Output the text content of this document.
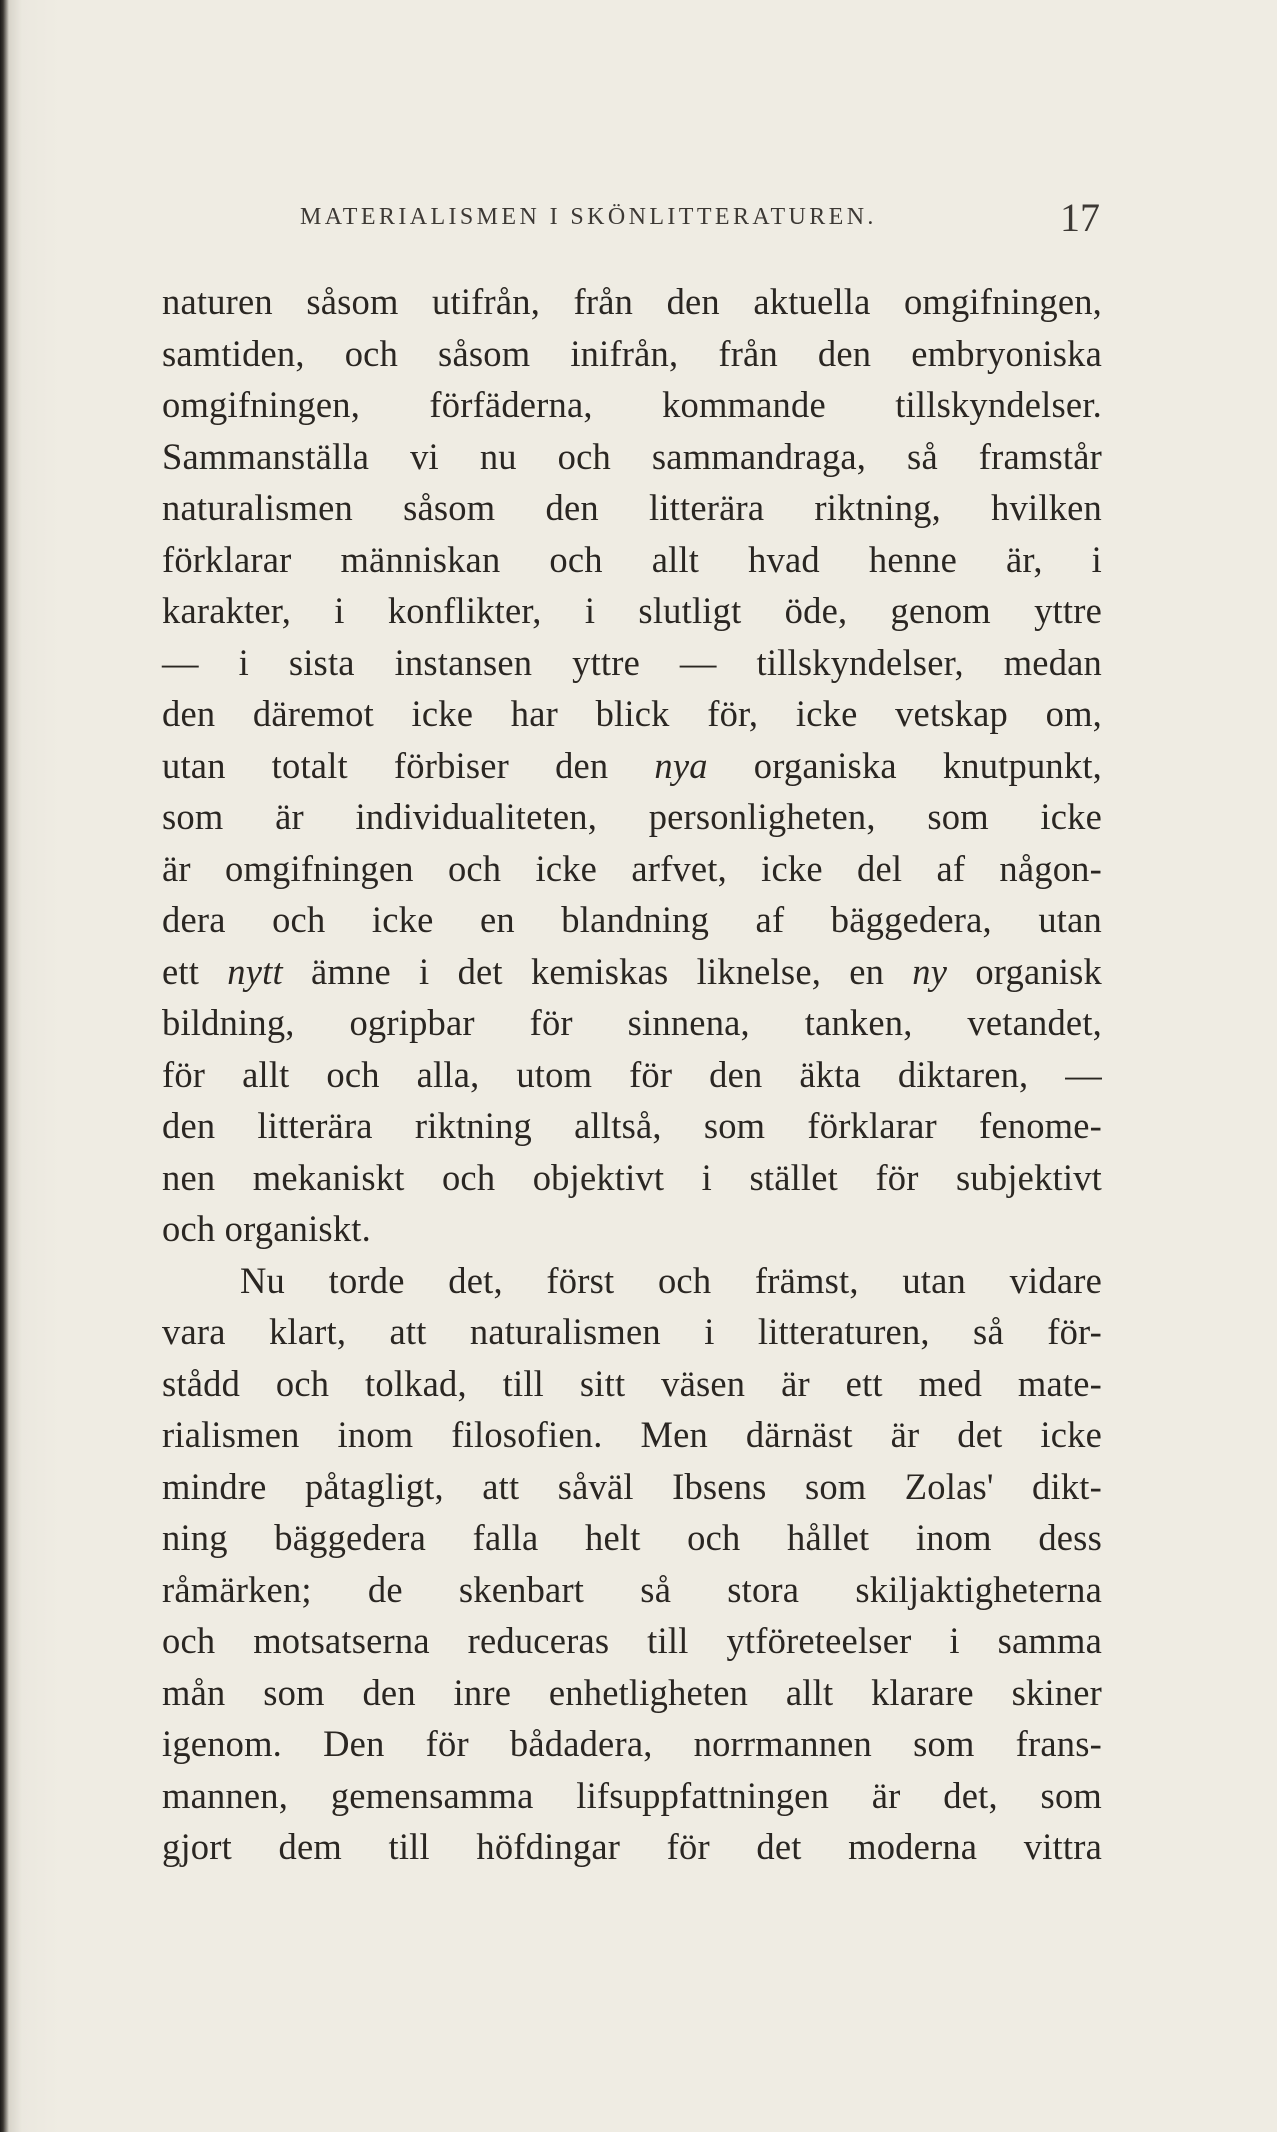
MATERIALISMEN I SKÖNLITTERATUREN.	17
naturen såsom utifrån, från den aktuella omgifningen,
samtiden, och såsom inifrån, från den embryoniska
omgifningen, förfäderna, kommande tillskyndelser.
Sammanställa vi nu och sammandraga, så framstår
naturalismen såsom den litterära riktning, hvilken
förklarar människan och allt hvad henne är, i
karakter, i konflikter, i slutligt öde, genom yttre
— i sista instansen yttre — tillskyndelser, medan
den däremot icke har blick för, icke vetskap om,
utan totalt förbiser den nya organiska knutpunkt,
som är individualiteten, personligheten, som icke
är omgifningen och icke arfvet, icke del af någon-
dera och icke en blandning af bäggedera, utan
ett nytt ämne i det kemiskas liknelse, en ny organisk
bildning, ogripbar för sinnena, tanken, vetandet,
för allt och alla, utom för den äkta diktaren, —
den litterära riktning alltså, som förklarar fenome-
nen mekaniskt och objektivt i stället för subjektivt
och organiskt.
Nu torde det, först och främst, utan vidare
vara klart, att naturalismen i litteraturen, så för-
stådd och tolkad, till sitt väsen är ett med mate-
rialismen inom filosofien. Men därnäst är det icke
mindre påtagligt, att såväl Ibsens som Zolas' dikt-
ning bäggedera falla helt och hållet inom dess
råmärken; de skenbart så stora skiljaktigheterna
och motsatserna reduceras till ytföreteelser i samma
mån som den inre enhetligheten allt klarare skiner
igenom. Den för bådadera, norrmannen som frans-
mannen, gemensamma lifsuppfattningen är det, som
gjort dem till höfdingar för det moderna vittra
